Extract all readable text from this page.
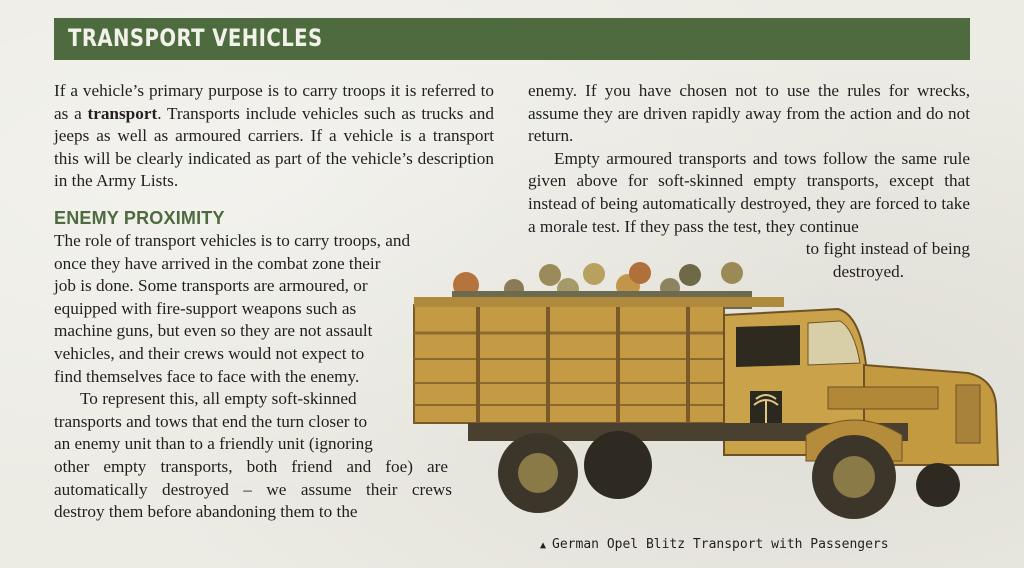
TRANSPORT VEHICLES

If a vehicle’s primary purpose is to carry troops it is referred to as a transport. Transports include vehicles such as trucks and jeeps as well as armoured carriers. If a vehicle is a transport this will be clearly indicated as part of the vehicle’s description in the Army Lists.

ENEMY PROXIMITY

The role of transport vehicles is to carry troops, and

once they have arrived in the combat zone their

job is done. Some transports are armoured, or

equipped with fire-support weapons such as

machine guns, but even so they are not assault

vehicles, and their crews would not expect to

find themselves face to face with the enemy.

To represent this, all empty soft-skinned

transports and tows that end the turn closer to

an enemy unit than to a friendly unit (ignoring

other empty transports, both friend and foe) are

automatically destroyed – we assume their crews

destroy them before abandoning them to the

enemy. If you have chosen not to use the rules for wrecks, assume they are driven rapidly away from the action and do not return.

Empty armoured transports and tows follow the same rule given above for soft-skinned empty transports, except that instead of being automatically destroyed, they are forced to take a morale test. If they pass the test, they continue

to fight instead of being

destroyed.

▲ German Opel Blitz Transport with Passengers
